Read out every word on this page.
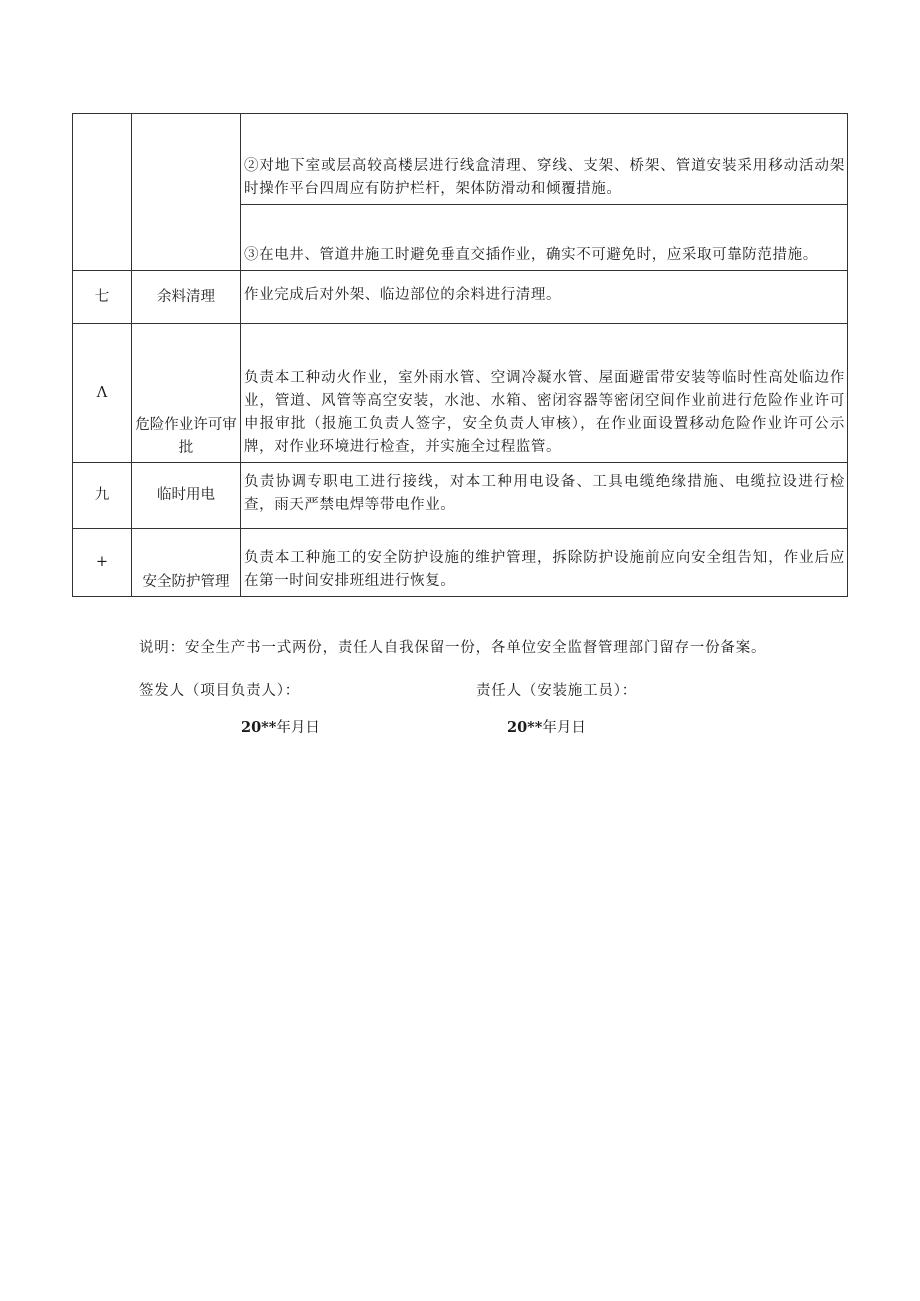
		②对地下室或层高较高楼层进行线盒清理、穿线、支架、桥架、管道安装采用移动活动架时操作平台四周应有防护栏杆，架体防滑动和倾覆措施。
		③在电井、管道井施工时避免垂直交插作业，确实不可避免时，应采取可靠防范措施。
七	余料清理	作业完成后对外架、临边部位的余料进行清理。
Λ	危险作业许可审批	负责本工种动火作业，室外雨水管、空调冷凝水管、屋面避雷带安装等临时性高处临边作业，管道、风管等高空安装，水池、水箱、密闭容器等密闭空间作业前进行危险作业许可申报审批（报施工负责人签字，安全负责人审核），在作业面设置移动危险作业许可公示牌，对作业环境进行检查，并实施全过程监管。
九	临时用电	负责协调专职电工进行接线，对本工种用电设备、工具电缆绝缘措施、电缆拉设进行检查，雨天严禁电焊等带电作业。
+	安全防护管理	负责本工种施工的安全防护设施的维护管理，拆除防护设施前应向安全组告知，作业后应在第一时间安排班组进行恢复。
说明：安全生产书一式两份，责任人自我保留一份，各单位安全监督管理部门留存一份备案。
签发人（项目负责人）：	责任人（安装施工员）：
20**年月日	20**年月日
